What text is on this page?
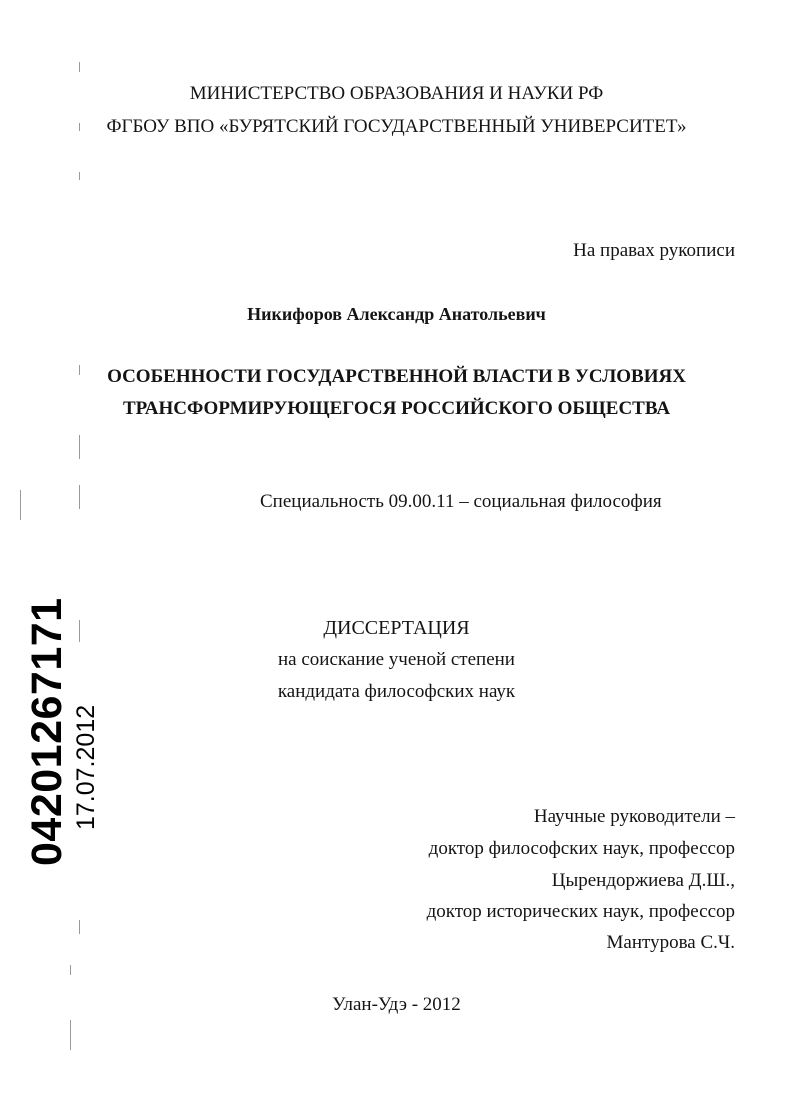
МИНИСТЕРСТВО ОБРАЗОВАНИЯ И НАУКИ РФ
ФГБОУ ВПО «БУРЯТСКИЙ ГОСУДАРСТВЕННЫЙ УНИВЕРСИТЕТ»
На правах рукописи
Никифоров Александр Анатольевич
ОСОБЕННОСТИ ГОСУДАРСТВЕННОЙ ВЛАСТИ В УСЛОВИЯХ
ТРАНСФОРМИРУЮЩЕГОСЯ РОССИЙСКОГО ОБЩЕСТВА
Специальность 09.00.11 – социальная философия
ДИССЕРТАЦИЯ
на соискание ученой степени
кандидата философских наук
Научные руководители –
доктор философских наук, профессор
Цырендоржиева Д.Ш.,
доктор исторических наук, профессор
Мантурова С.Ч.
Улан-Удэ - 2012
04201267171 17.07.2012
